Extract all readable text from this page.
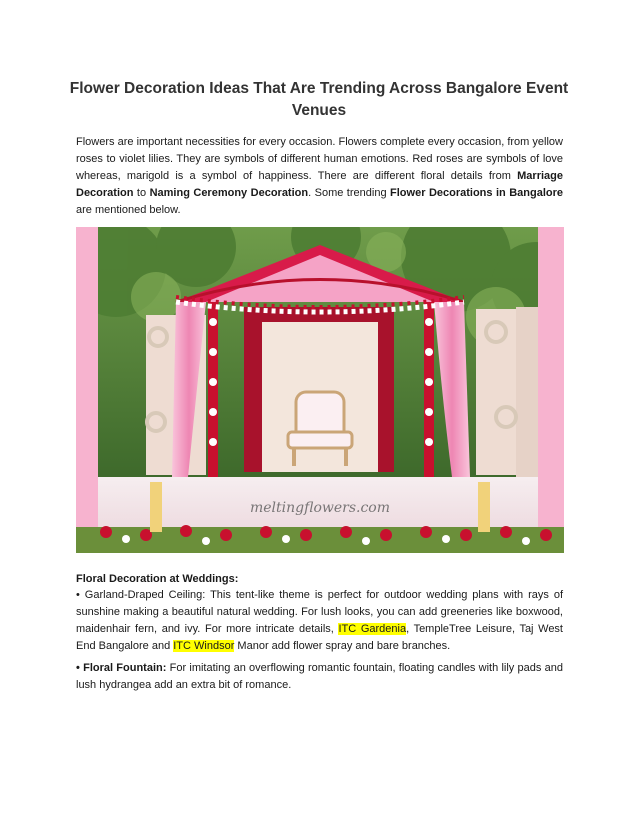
Flower Decoration Ideas That Are Trending Across Bangalore Event Venues

Flowers are important necessities for every occasion. Flowers complete every occasion, from yellow roses to violet lilies. They are symbols of different human emotions. Red roses are symbols of love whereas, marigold is a symbol of happiness. There are different floral details from Marriage Decoration to Naming Ceremony Decoration. Some trending Flower Decorations in Bangalore are mentioned below.

meltingflowers.com
Floral Decoration at Weddings:

• Garland-Draped Ceiling: This tent-like theme is perfect for outdoor wedding plans with rays of sunshine making a beautiful natural wedding. For lush looks, you can add greeneries like boxwood, maidenhair fern, and ivy. For more intricate details, ITC Gardenia, TempleTree Leisure, Taj West End Bangalore and ITC Windsor Manor add flower spray and bare branches.

• Floral Fountain: For imitating an overflowing romantic fountain, floating candles with lily pads and lush hydrangea add an extra bit of romance.
